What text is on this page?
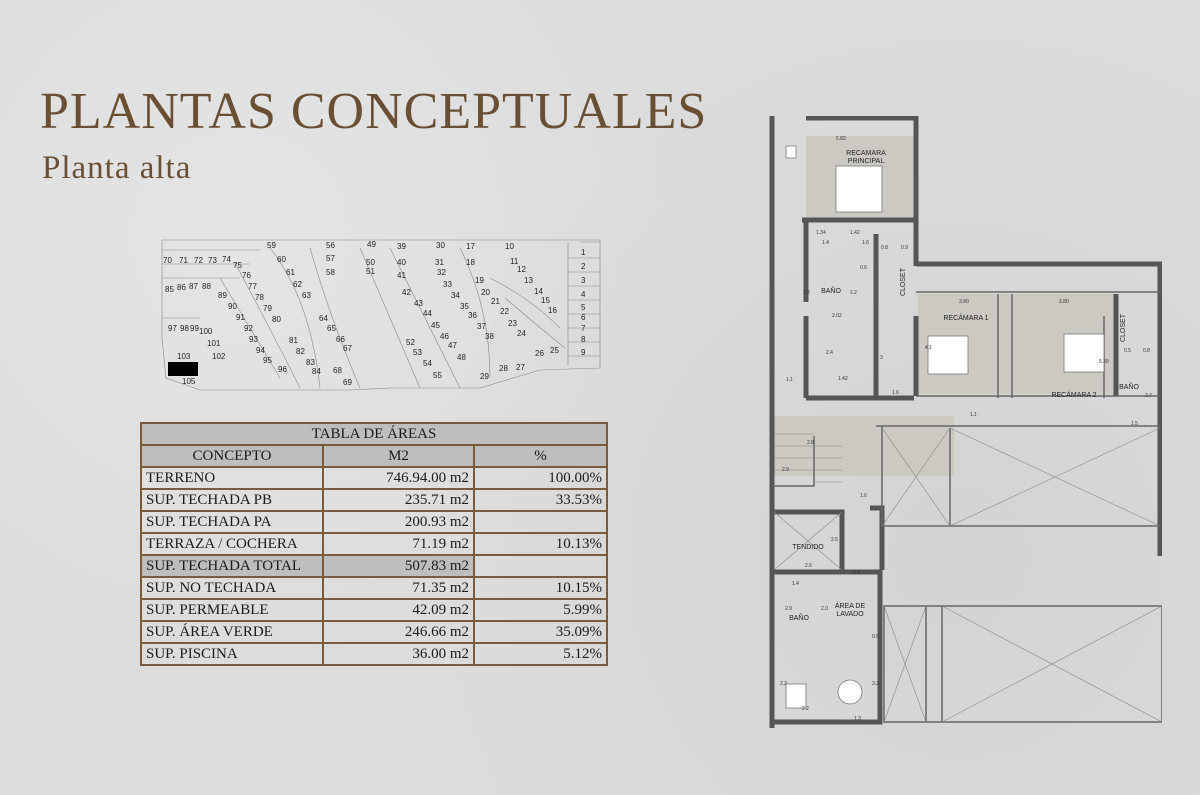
PLANTAS CONCEPTUALES
Planta alta
59	56	49	39	30	17	10
70 71 72 73 74
75
60	57	50	40	31	18	11
1
76	61	58	51	41	32	12	2
85 86 87 88	77	62	33	19	13	3
89	78	63	42	34	20	14	4
90	79
43	35
21	15
5
91	80	64
44	36	22	16
6
97 98 99 100	92	65	45	37	23
7
101	93	81	66	52
46	38	24
8
103	102
94	82	67	53
47
26 25	9
95	83	54
48
96	84 68
55
28 27
105	69
29
TABLA DE ÁREAS		
CONCEPTO	M2	%
TERRENO	746.94.00 m2	100.00%
SUP. TECHADA PB	235.71 m2	33.53%
SUP. TECHADA PA	200.93 m2	
TERRAZA / COCHERA	71.19 m2	10.13%
SUP. TECHADA TOTAL	507.83 m2	
SUP. NO TECHADA	71.35 m2	10.15%
SUP. PERMEABLE	42.09 m2	5.99%
SUP. ÁREA VERDE	246.66 m2	35.09%
SUP. PISCINA	36.00 m2	5.12%
RECAMARA
PRINCIPAL
BAÑO	CLOSET
RECÁMARA 1	CLOSET
BAÑO
RECÁMARA 2
TENDIDO
ÁREA DE
LAVADO
BAÑO
5.82
1.34	1.42
1.4	1.6
0.8	0.9
0.6
2.2
1.2
2.02
3.80	3.80
2.4
3
4.1
5.39
0.5 0.8
1.1	1.42
1.6	2.7
1.1
1.5
2.8
2.9
1.6
2.5
2.6
0.8
1.4
2.9	2.0
0.5
2.2	3.2
2.2
1.3
